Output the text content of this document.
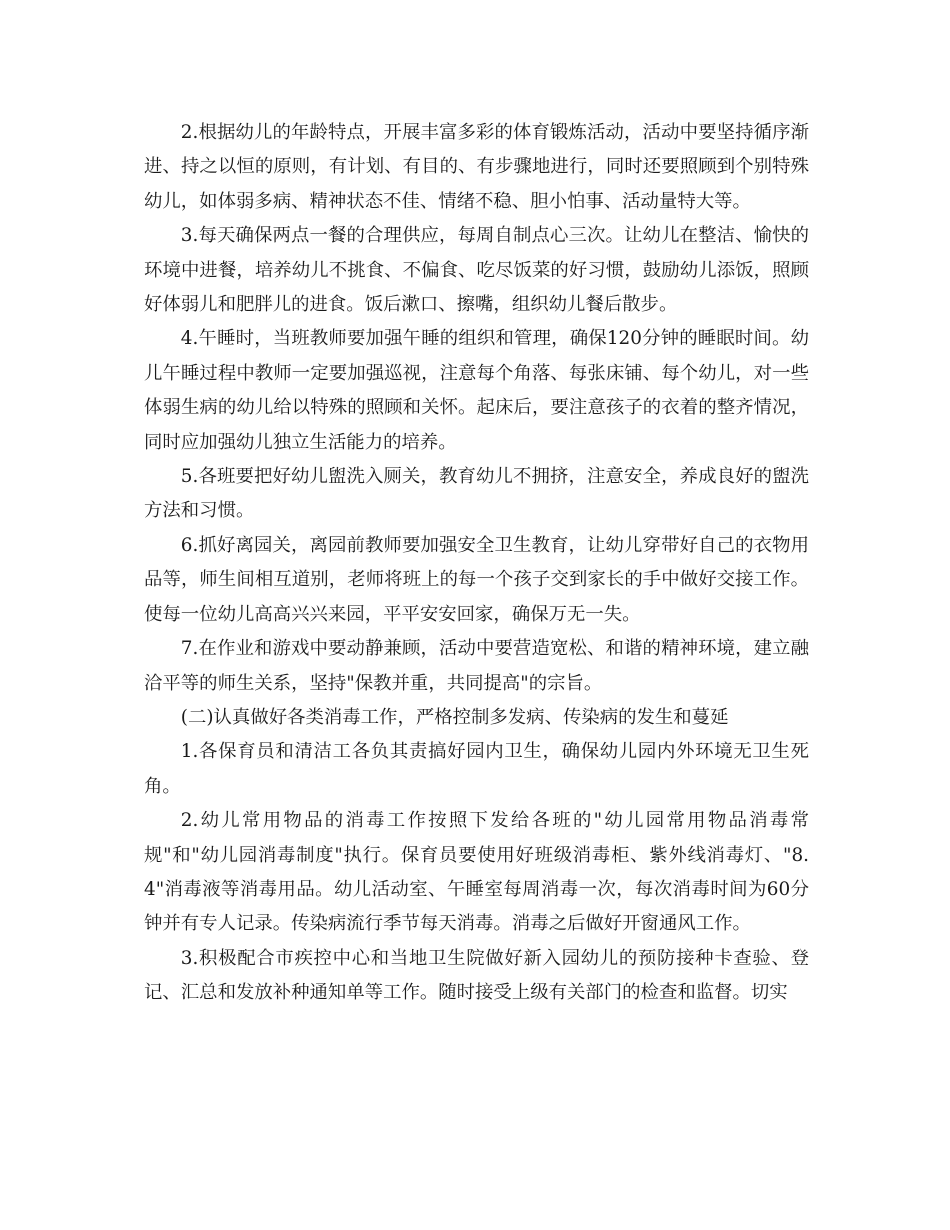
2.根据幼儿的年龄特点，开展丰富多彩的体育锻炼活动，活动中要坚持循序渐进、持之以恒的原则，有计划、有目的、有步骤地进行，同时还要照顾到个别特殊幼儿，如体弱多病、精神状态不佳、情绪不稳、胆小怕事、活动量特大等。

3.每天确保两点一餐的合理供应，每周自制点心三次。让幼儿在整洁、愉快的环境中进餐，培养幼儿不挑食、不偏食、吃尽饭菜的好习惯，鼓励幼儿添饭，照顾好体弱儿和肥胖儿的进食。饭后漱口、擦嘴，组织幼儿餐后散步。

4.午睡时，当班教师要加强午睡的组织和管理，确保120分钟的睡眠时间。幼儿午睡过程中教师一定要加强巡视，注意每个角落、每张床铺、每个幼儿，对一些体弱生病的幼儿给以特殊的照顾和关怀。起床后，要注意孩子的衣着的整齐情况，同时应加强幼儿独立生活能力的培养。

5.各班要把好幼儿盥洗入厕关，教育幼儿不拥挤，注意安全，养成良好的盥洗方法和习惯。

6.抓好离园关，离园前教师要加强安全卫生教育，让幼儿穿带好自己的衣物用品等，师生间相互道别，老师将班上的每一个孩子交到家长的手中做好交接工作。使每一位幼儿高高兴兴来园，平平安安回家，确保万无一失。

7.在作业和游戏中要动静兼顾，活动中要营造宽松、和谐的精神环境，建立融洽平等的师生关系，坚持"保教并重，共同提高"的宗旨。

(二)认真做好各类消毒工作，严格控制多发病、传染病的发生和蔓延

1.各保育员和清洁工各负其责搞好园内卫生，确保幼儿园内外环境无卫生死角。

2.幼儿常用物品的消毒工作按照下发给各班的"幼儿园常用物品消毒常规"和"幼儿园消毒制度"执行。保育员要使用好班级消毒柜、紫外线消毒灯、"8.4"消毒液等消毒用品。幼儿活动室、午睡室每周消毒一次，每次消毒时间为60分钟并有专人记录。传染病流行季节每天消毒。消毒之后做好开窗通风工作。

3.积极配合市疾控中心和当地卫生院做好新入园幼儿的预防接种卡查验、登记、汇总和发放补种通知单等工作。随时接受上级有关部门的检查和监督。切实
